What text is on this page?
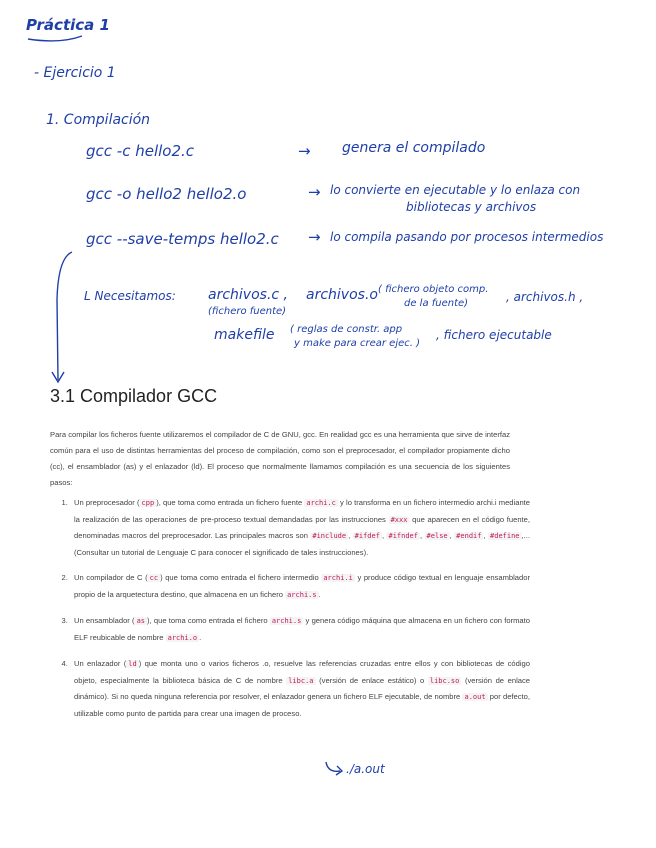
Práctica 1
- Ejercicio 1
1. Compilación
gcc -c hello2.c	→ genera el compilado
gcc -o hello2 hello2.o	→ lo convierte en ejecutable y lo enlaza con
bibliotecas y archivos
gcc --save-temps hello2.c → lo compila pasando por procesos intermedios
L Necesitamos: archivos.c ,
(fichero fuente)
archivos.o ( fichero objeto comp.
de la fuente)	, archivos.h ,
makefile ( reglas de constr. app
y make para crear ejec. )
, fichero ejecutable
./a.out
3.1 Compilador GCC
Para compilar los ficheros fuente utilizaremos el compilador de C de GNU, gcc. En realidad gcc es una herramienta que sirve de interfaz común para el uso de distintas herramientas del proceso de compilación, como son el preprocesador, el compilador propiamente dicho (cc), el ensamblador (as) y el enlazador (ld). El proceso que normalmente llamamos compilación es una secuencia de los siguientes pasos:
1. Un preprocesador ( cpp ), que toma como entrada un fichero fuente archi.c y lo transforma en un fichero intermedio archi.i mediante la realización de las operaciones de pre-proceso textual demandadas por las instrucciones #xxx que aparecen en el código fuente, denominadas macros del preprocesador. Las principales macros son #include , #ifdef , #ifndef , #else , #endif , #define ,... (Consultar un tutorial de Lenguaje C para conocer el significado de tales instrucciones).
2. Un compilador de C ( cc ) que toma como entrada el fichero intermedio archi.i y produce código textual en lenguaje ensamblador propio de la arquetectura destino, que almacena en un fichero archi.s .
3. Un ensamblador ( as ), que toma como entrada el fichero archi.s y genera código máquina que almacena en un fichero con formato ELF reubicable de nombre archi.o .
4. Un enlazador ( ld ) que monta uno o varios ficheros .o, resuelve las referencias cruzadas entre ellos y con bibliotecas de código objeto, especialmente la biblioteca básica de C de nombre libc.a (versión de enlace estático) o libc.so (versión de enlace dinámico). Si no queda ninguna referencia por resolver, el enlazador genera un fichero ELF ejecutable, de nombre a.out por defecto, utilizable como punto de partida para crear una imagen de proceso.
